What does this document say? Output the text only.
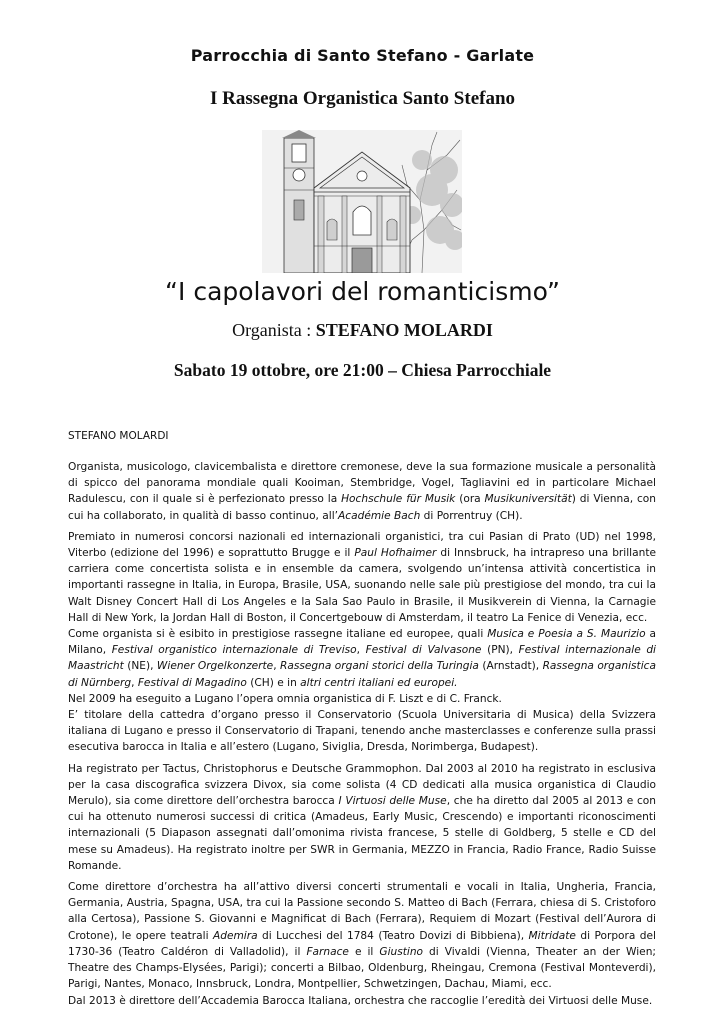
Parrocchia di Santo Stefano - Garlate
I Rassegna Organistica Santo Stefano
“I capolavori del romanticismo”
Organista : STEFANO MOLARDI
Sabato 19 ottobre, ore 21:00 – Chiesa Parrocchiale
STEFANO MOLARDI

Organista, musicologo, clavicembalista e direttore cremonese, deve la sua formazione musicale a personalità di spicco del panorama mondiale quali Kooiman, Stembridge, Vogel, Tagliavini ed in particolare Michael Radulescu, con il quale si è perfezionato presso la Hochschule für Musik (ora Musikuniversität) di Vienna, con cui ha collaborato, in qualità di basso continuo, all’Académie Bach di Porrentruy (CH).

Premiato in numerosi concorsi nazionali ed internazionali organistici, tra cui Pasian di Prato (UD) nel 1998, Viterbo (edizione del 1996) e soprattutto Brugge e il Paul Hofhaimer di Innsbruck, ha intrapreso una brillante carriera come concertista solista e in ensemble da camera, svolgendo un’intensa attività concertistica in importanti rassegne in Italia, in Europa, Brasile, USA, suonando nelle sale più prestigiose del mondo, tra cui la Walt Disney Concert Hall di Los Angeles e la Sala Sao Paulo in Brasile, il Musikverein di Vienna, la Carnagie Hall di New York, la Jordan Hall di Boston, il Concertgebouw di Amsterdam, il teatro La Fenice di Venezia, ecc.

Come organista si è esibito in prestigiose rassegne italiane ed europee, quali Musica e Poesia a S. Maurizio a Milano, Festival organistico internazionale di Treviso, Festival di Valvasone (PN), Festival internazionale di Maastricht (NE), Wiener Orgelkonzerte, Rassegna organi storici della Turingia (Arnstadt), Rassegna organistica di Nürnberg, Festival di Magadino (CH) e in altri centri italiani ed europei.

Nel 2009 ha eseguito a Lugano l’opera omnia organistica di F. Liszt e di C. Franck.

E’ titolare della cattedra d’organo presso il Conservatorio (Scuola Universitaria di Musica) della Svizzera italiana di Lugano e presso il Conservatorio di Trapani, tenendo anche masterclasses e conferenze sulla prassi esecutiva barocca in Italia e all’estero (Lugano, Siviglia, Dresda, Norimberga, Budapest).

Ha registrato per Tactus, Christophorus e Deutsche Grammophon. Dal 2003 al 2010 ha registrato in esclusiva per la casa discografica svizzera Divox, sia come solista (4 CD dedicati alla musica organistica di Claudio Merulo), sia come direttore dell’orchestra barocca I Virtuosi delle Muse, che ha diretto dal 2005 al 2013 e con cui ha ottenuto numerosi successi di critica (Amadeus, Early Music, Crescendo) e importanti riconoscimenti internazionali (5 Diapason assegnati dall’omonima rivista francese, 5 stelle di Goldberg, 5 stelle e CD del mese su Amadeus). Ha registrato inoltre per SWR in Germania, MEZZO in Francia, Radio France, Radio Suisse Romande.

Come direttore d’orchestra ha all’attivo diversi concerti strumentali e vocali in Italia, Ungheria, Francia, Germania, Austria, Spagna, USA, tra cui la Passione secondo S. Matteo di Bach (Ferrara, chiesa di S. Cristoforo alla Certosa), Passione S. Giovanni e Magnificat di Bach (Ferrara), Requiem di Mozart (Festival dell’Aurora di Crotone), le opere teatrali Ademira di Lucchesi del 1784 (Teatro Dovizi di Bibbiena), Mitridate di Porpora del 1730-36 (Teatro Caldéron di Valladolid), il Farnace e il Giustino di Vivaldi (Vienna, Theater an der Wien; Theatre des Champs-Elysées, Parigi); concerti a Bilbao, Oldenburg, Rheingau, Cremona (Festival Monteverdi), Parigi, Nantes, Monaco, Innsbruck, Londra, Montpellier, Schwetzingen, Dachau, Miami, ecc.

Dal 2013 è direttore dell’Accademia Barocca Italiana, orchestra che raccoglie l’eredità dei Virtuosi delle Muse.
